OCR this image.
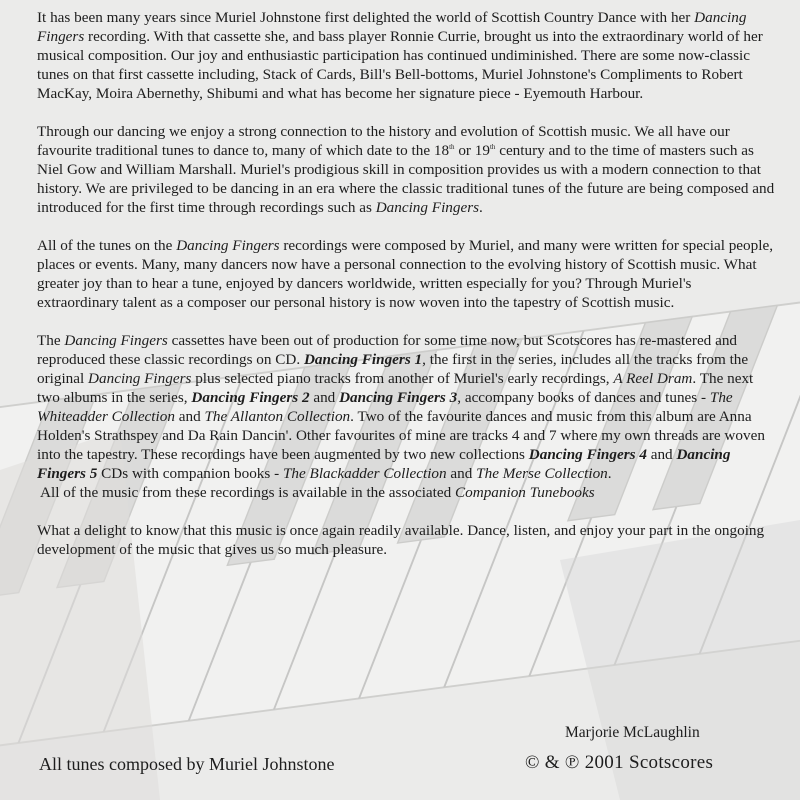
It has been many years since Muriel Johnstone first delighted the world of Scottish Country Dance with her Dancing Fingers recording. With that cassette she, and bass player Ronnie Currie, brought us into the extraordinary world of her musical composition. Our joy and enthusiastic participation has continued undiminished. There are some now-classic tunes on that first cassette including, Stack of Cards, Bill's Bell-bottoms, Muriel Johnstone's Compliments to Robert MacKay, Moira Abernethy, Shibumi and what has become her signature piece - Eyemouth Harbour.

Through our dancing we enjoy a strong connection to the history and evolution of Scottish music. We all have our favourite traditional tunes to dance to, many of which date to the 18th or 19th century and to the time of masters such as Niel Gow and William Marshall. Muriel's prodigious skill in composition provides us with a modern connection to that history. We are privileged to be dancing in an era where the classic traditional tunes of the future are being composed and introduced for the first time through recordings such as Dancing Fingers.

All of the tunes on the Dancing Fingers recordings were composed by Muriel, and many were written for special people, places or events. Many, many dancers now have a personal connection to the evolving history of Scottish music. What greater joy than to hear a tune, enjoyed by dancers worldwide, written especially for you? Through Muriel's extraordinary talent as a composer our personal history is now woven into the tapestry of Scottish music.

The Dancing Fingers cassettes have been out of production for some time now, but Scotscores has re-mastered and reproduced these classic recordings on CD. Dancing Fingers 1, the first in the series, includes all the tracks from the original Dancing Fingers plus selected piano tracks from another of Muriel's early recordings, A Reel Dram. The next two albums in the series, Dancing Fingers 2 and Dancing Fingers 3, accompany books of dances and tunes - The Whiteadder Collection and The Allanton Collection. Two of the favourite dances and music from this album are Anna Holden's Strathspey and Da Rain Dancin'. Other favourites of mine are tracks 4 and 7 where my own threads are woven into the tapestry. These recordings have been augmented by two new collections Dancing Fingers 4 and Dancing Fingers 5 CDs with companion books - The Blackadder Collection and The Merse Collection.

All of the music from these recordings is available in the associated Companion Tunebooks

What a delight to know that this music is once again readily available. Dance, listen, and enjoy your part in the ongoing development of the music that gives us so much pleasure.

Marjorie McLaughlin
All tunes composed by Muriel Johnstone	© & ℗ 2001 Scotscores
